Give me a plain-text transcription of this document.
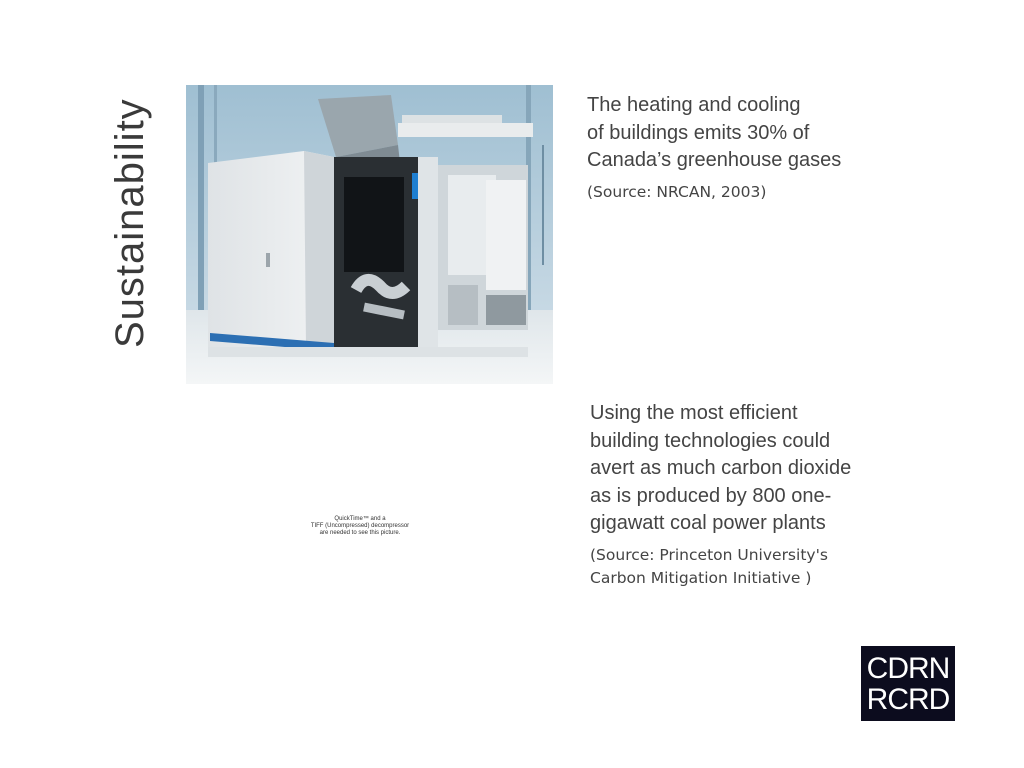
Sustainability	The heating and cooling
of buildings emits 30% of
Canada’s greenhouse gases

(Source: NRCAN, 2003)
QuickTime™ and a
TIFF (Uncompressed) decompressor
are needed to see this picture.

Using the most efficient
building technologies could
avert as much carbon dioxide
as is produced by 800 one-
gigawatt coal power plants

(Source: Princeton University's
Carbon Mitigation Initiative )
CDRN
RCRD
